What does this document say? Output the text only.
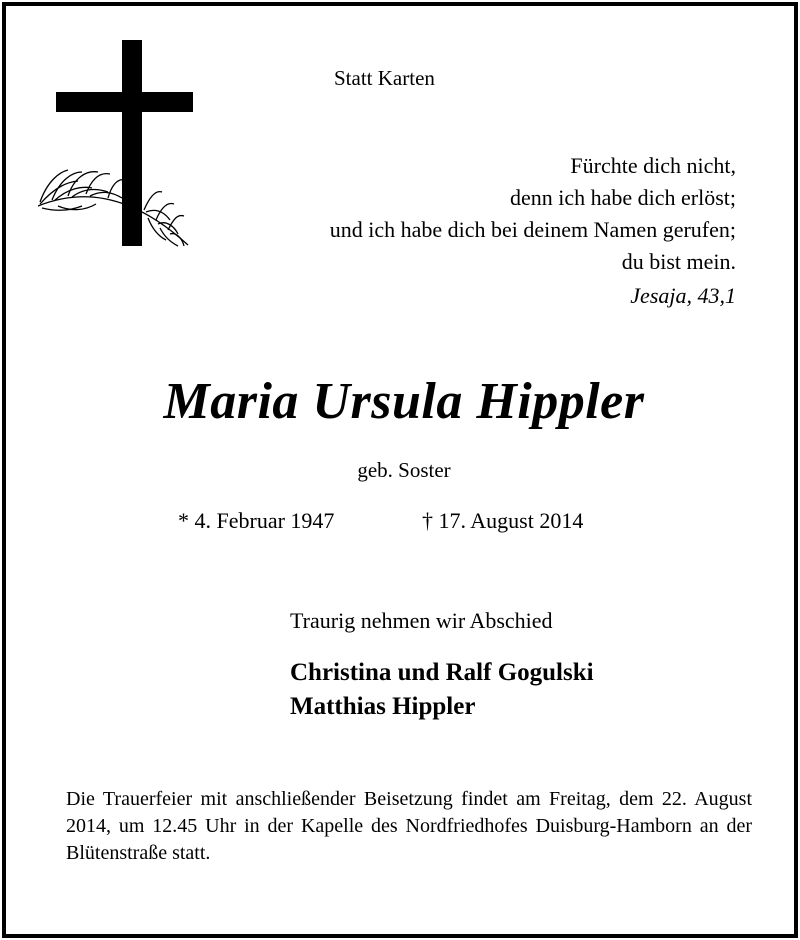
Statt Karten
Fürchte dich nicht,
denn ich habe dich erlöst;
und ich habe dich bei deinem Namen gerufen;
du bist mein.
Jesaja, 43,1
Maria Ursula Hippler
geb. Soster
* 4. Februar 1947	† 17. August 2014
Traurig nehmen wir Abschied
Christina und Ralf Gogulski
Matthias Hippler
Die Trauerfeier mit anschließender Beisetzung findet am Freitag, dem 22. August 2014, um 12.45 Uhr in der Kapelle des Nordfriedhofes Duisburg-Hamborn an der Blütenstraße statt.
